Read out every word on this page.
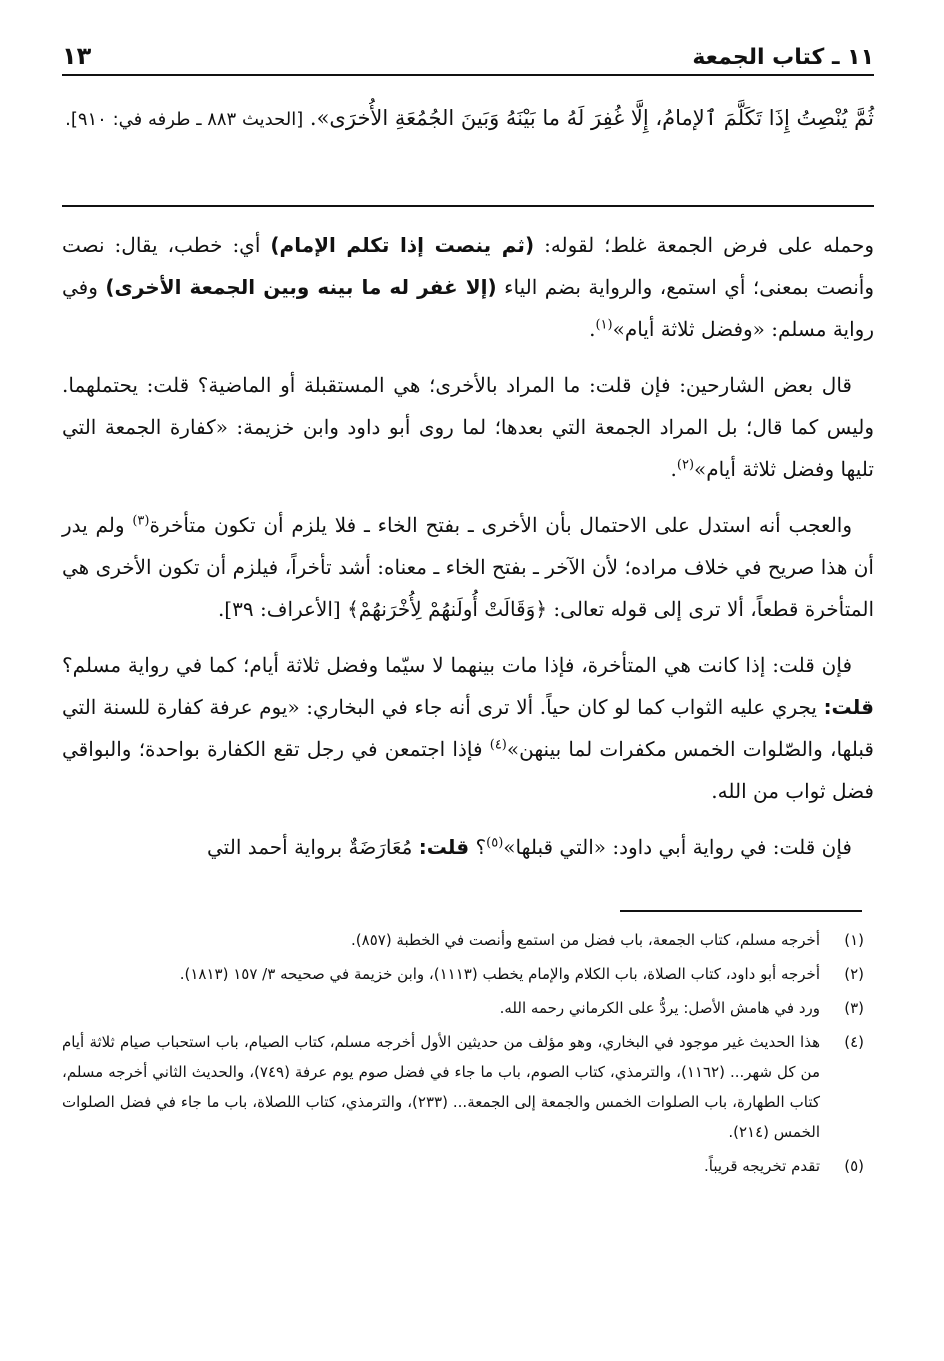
١١ ـ كتاب الجمعة
١٣
ثُمَّ يُنْصِتُ إِذَا تَكَلَّمَ ٱلإمامُ، إِلَّا غُفِرَ لَهُ ما بَيْنَهُ وَبَينَ الجُمُعَةِ الأُخرَى». [الحديث ٨٨٣ ـ طرفه في: ٩١٠].

وحمله على فرض الجمعة غلط؛ لقوله: (ثم ينصت إذا تكلم الإمام) أي: خطب، يقال: نصت وأنصت بمعنى؛ أي استمع، والرواية بضم الياء (إلا غفر له ما بينه وبين الجمعة الأخرى) وفي رواية مسلم: «وفضل ثلاثة أيام»$^{(١)}$.

قال بعض الشارحين: فإن قلت: ما المراد بالأخرى؛ هي المستقبلة أو الماضية؟ قلت: يحتملهما. وليس كما قال؛ بل المراد الجمعة التي بعدها؛ لما روى أبو داود وابن خزيمة: «كفارة الجمعة التي تليها وفضل ثلاثة أيام»$^{(٢)}$.

والعجب أنه استدل على الاحتمال بأن الأخرى ـ بفتح الخاء ـ فلا يلزم أن تكون متأخرة$^{(٣)}$ ولم يدر أن هذا صريح في خلاف مراده؛ لأن الآخر ـ بفتح الخاء ـ معناه: أشد تأخراً، فيلزم أن تكون الأخرى هي المتأخرة قطعاً، ألا ترى إلى قوله تعالى: ﴿وَقَالَتْ أُولَنهُمْ لِأُخْرَنهُمْ﴾ [الأعراف: ٣٩].

فإن قلت: إذا كانت هي المتأخرة، فإذا مات بينهما لا سيّما وفضل ثلاثة أيام؛ كما في رواية مسلم؟ قلت: يجري عليه الثواب كما لو كان حياً. ألا ترى أنه جاء في البخاري: «يوم عرفة كفارة للسنة التي قبلها، والصّلوات الخمس مكفرات لما بينهن»$^{(٤)}$ فإذا اجتمعن في رجل تقع الكفارة بواحدة؛ والبواقي فضل ثواب من الله.

فإن قلت: في رواية أبي داود: «التي قبلها»$^{(٥)}$؟ قلت: مُعَارَضَةٌ برواية أحمد التي

(١)
أخرجه مسلم، كتاب الجمعة، باب فضل من استمع وأنصت في الخطبة (٨٥٧).
(٢)
أخرجه أبو داود، كتاب الصلاة، باب الكلام والإمام يخطب (١١١٣)، وابن خزيمة في صحيحه ٣/ ١٥٧ (١٨١٣).
(٣)
ورد في هامش الأصل: يردُّ على الكرماني رحمه الله.
(٤)
هذا الحديث غير موجود في البخاري، وهو مؤلف من حديثين الأول أخرجه مسلم، كتاب الصيام، باب استحباب صيام ثلاثة أيام من كل شهر... (١١٦٢)، والترمذي، كتاب الصوم، باب ما جاء في فضل صوم يوم عرفة (٧٤٩)، والحديث الثاني أخرجه مسلم، كتاب الطهارة، باب الصلوات الخمس والجمعة إلى الجمعة... (٢٣٣)، والترمذي، كتاب اللصلاة، باب ما جاء في فضل الصلوات الخمس (٢١٤).
(٥)
تقدم تخريجه قريباً.
